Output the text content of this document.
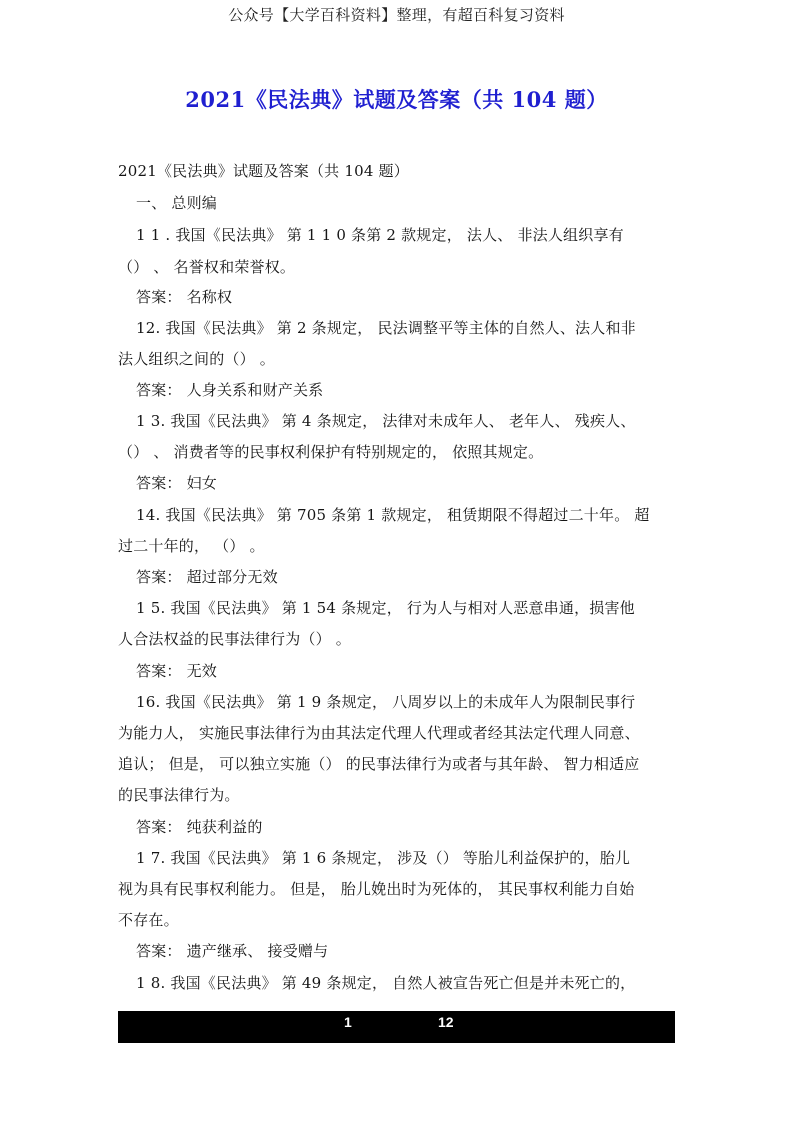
公众号【大学百科资料】整理，有超百科复习资料
2021《民法典》试题及答案（共 104 题）
2021《民法典》试题及答案（共 104 题）
一、 总则编
1 1 . 我国《民法典》 第 1 1 0 条第 2 款规定， 法人、 非法人组织享有
（） 、 名誉权和荣誉权。
答案： 名称权
12. 我国《民法典》 第 2 条规定， 民法调整平等主体的自然人、法人和非
法人组织之间的（） 。
答案： 人身关系和财产关系
1 3. 我国《民法典》 第 4 条规定， 法律对未成年人、 老年人、 残疾人、
（） 、 消费者等的民事权利保护有特别规定的， 依照其规定。
答案： 妇女
14. 我国《民法典》 第 705 条第 1 款规定， 租赁期限不得超过二十年。 超
过二十年的， （） 。
答案： 超过部分无效
1 5. 我国《民法典》 第 1 54 条规定， 行为人与相对人恶意串通，损害他
人合法权益的民事法律行为（） 。
答案： 无效
16. 我国《民法典》 第 1 9 条规定， 八周岁以上的未成年人为限制民事行
为能力人， 实施民事法律行为由其法定代理人代理或者经其法定代理人同意、
追认； 但是， 可以独立实施（） 的民事法律行为或者与其年龄、 智力相适应
的民事法律行为。
答案： 纯获利益的
1 7. 我国《民法典》 第 1 6 条规定， 涉及（） 等胎儿利益保护的，胎儿
视为具有民事权利能力。 但是， 胎儿娩出时为死体的， 其民事权利能力自始
不存在。
答案： 遗产继承、 接受赠与
1 8. 我国《民法典》 第 49 条规定， 自然人被宣告死亡但是并未死亡的，
1	12
